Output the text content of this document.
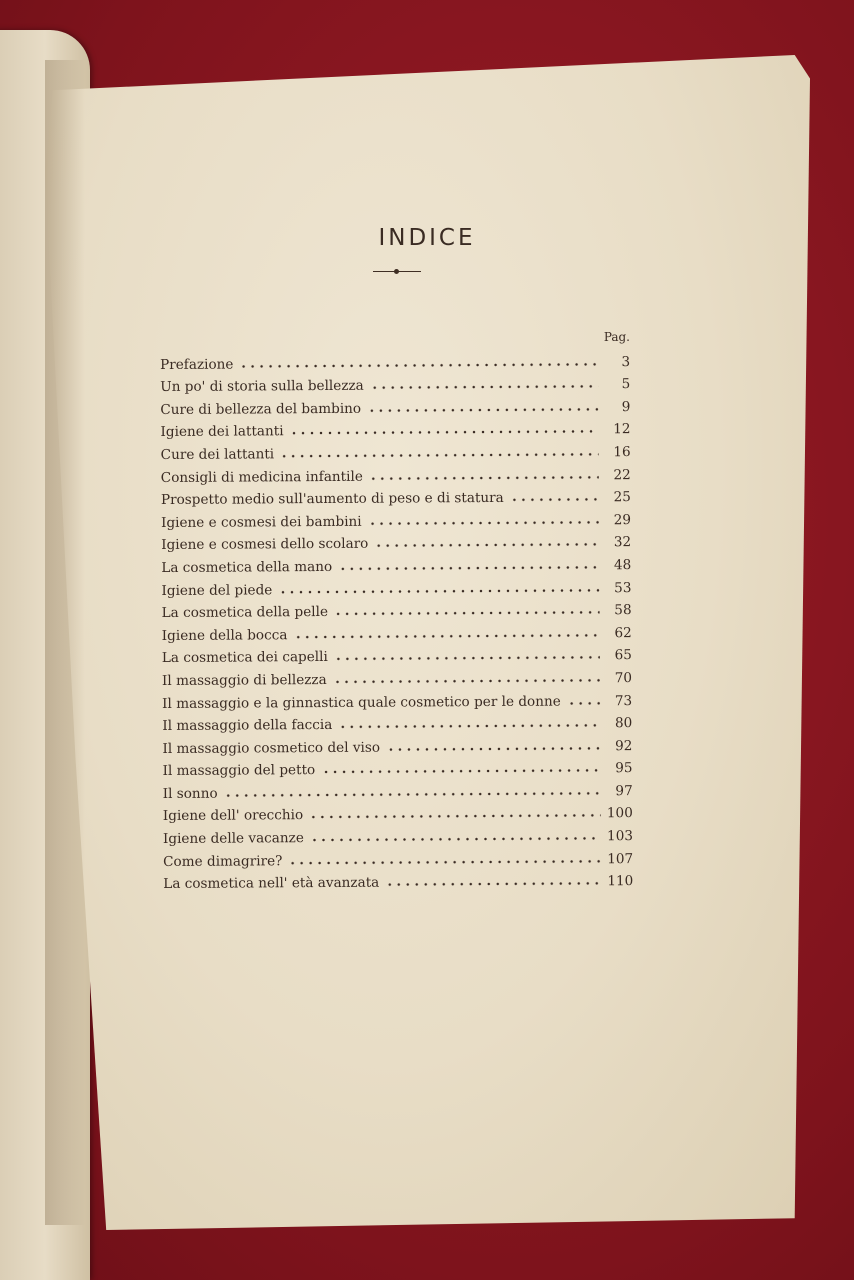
INDICE
Pag.
Prefazione	3
Un po' di storia sulla bellezza	5
Cure di bellezza del bambino	9
Igiene dei lattanti	12
Cure dei lattanti	16
Consigli di medicina infantile	22
Prospetto medio sull'aumento di peso e di statura	25
Igiene e cosmesi dei bambini	29
Igiene e cosmesi dello scolaro	32
La cosmetica della mano	48
Igiene del piede	53
La cosmetica della pelle	58
Igiene della bocca	62
La cosmetica dei capelli	65
Il massaggio di bellezza	70
Il massaggio e la ginnastica quale cosmetico per le donne	73
Il massaggio della faccia	80
Il massaggio cosmetico del viso	92
Il massaggio del petto	95
Il sonno	97
Igiene dell' orecchio	100
Igiene delle vacanze	103
Come dimagrire?	107
La cosmetica nell' età avanzata	110
